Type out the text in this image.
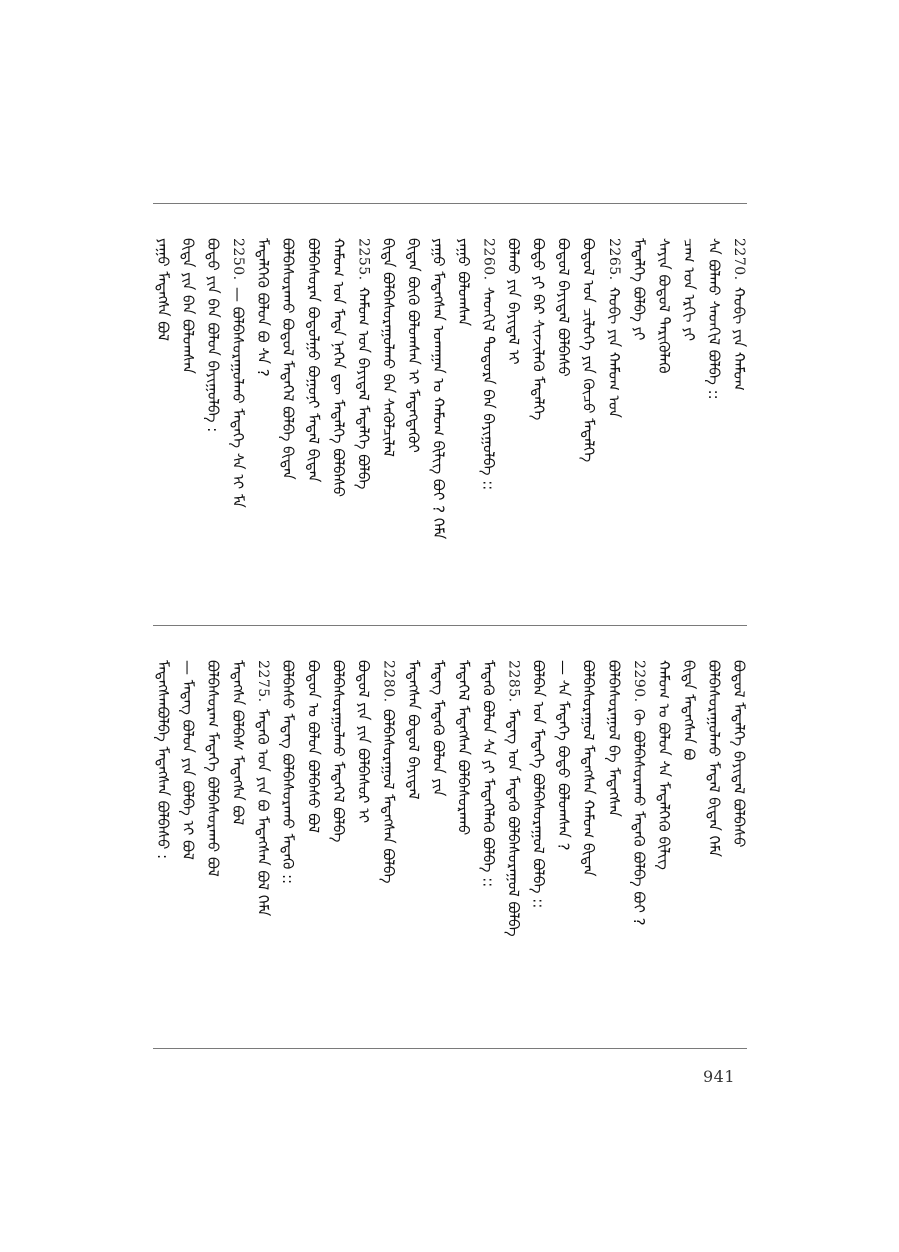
2270.
ᠬᠤᠪᠢ ᠶᠢᠨ ᠬᠠᠮᠤᠭ
ᠰᠠ ᠪᠤᠯᠬᠤ ᠰᠡᠳᠬᠢᠯ ᠪᠤᠯᠪᠠ ::
ᠴᠠᠭ ᠤᠨ ᠡᠷᠭᠢ ᠶᠢ
ᠰᠠᠶᠢᠨ ᠪᠣᠳᠣᠯ ᠲᠡᠷᠢᠭᠦᠯᠡᠬᠦ
ᠮᠡᠳᠡᠯᠭᠡ ᠪᠣᠯᠪᠠ ᠶᠢ
2265.
ᠬᠤᠪᠢ ᠶᠢᠨ ᠬᠠᠮᠤᠭ ᠤᠨ
ᠪᠣᠳᠣᠯ ᠤᠨ ᠴᠢᠯᠦᠭᠡ ᠶᠢᠨ ᠬᠦᠴᠦ ᠮᠡᠳᠡᠯᠭᠡ
ᠪᠣᠳᠣᠯ ᠪᠠᠶᠢᠳᠠᠯ ᠪᠣᠯᠪᠠᠰᠤ
ᠪᠣᠳᠣ ᠶᠢ ᠪᠠᠷ ᠰᠢᠨᠵᠢᠯᠡᠬᠦ ᠮᠡᠳᠡᠯᠭᠡ
ᠪᠣᠯᠬᠤ ᠶᠢᠨ ᠪᠠᠶᠢᠳᠠᠯ ᠢ
2260.
ᠰᠡᠳᠬᠢᠯ ᠳᠣᠲᠣᠷᠠ ᠪᠠᠨ ᠪᠠᠶᠢᠭᠤᠯᠪᠠ ::
ᠶᠠᠭᠤ ᠪᠣᠯᠤᠭᠰᠠᠨ
ᠶᠠᠭᠤ ᠮᠡᠳᠡᠭᠰᠡᠨ ᠤᠬᠠᠭᠠᠨ ᠤ ᠬᠠᠮᠤᠭ ᠪᠢᠯᠢᠭ ᠪᠤᠢ ? ᠬᠡᠮᠡ
ᠪᠢᠳᠡᠨ ᠪᠦᠬᠦ ᠪᠣᠯᠤᠭᠰᠠᠨ ᠢ ᠮᠡᠳᠡᠭᠳᠡᠬᠦᠢ
ᠪᠢᠳᠡ ᠪᠣᠯᠪᠠᠰᠤᠷᠠᠭᠤᠯᠬᠤ ᠪᠠᠨ ᠰᠡᠭᠦᠯᠴᠢᠯᠡᠯ
2255.
ᠬᠠᠮᠤᠭ ᠤᠨ ᠪᠠᠶᠢᠳᠠᠯ ᠮᠡᠳᠡᠯᠭᠡ ᠪᠣᠯᠪᠠ
ᠬᠠᠮᠤᠭ ᠤᠨ ᠮᠡᠳᠡ ᠨᠡᠭᠡᠨ ᠳᠦ ᠮᠡᠳᠡᠯᠭᠡ ᠪᠣᠯᠪᠠᠰᠤ
ᠪᠣᠯᠪᠠᠰᠤᠷᠠᠨ ᠪᠣᠳᠣᠯᠭᠤ ᠪᠣᠭᠣᠨᠢ ᠮᠡᠳᠡᠯ ᠪᠢᠳᠡᠨ
ᠪᠣᠯᠪᠠᠰᠤᠷᠠᠬᠤ ᠪᠣᠳᠣᠯ ᠮᠡᠳᠡᠭᠡᠯ ᠪᠣᠯᠪᠠ ᠪᠢᠳᠡᠨ
ᠮᠡᠳᠡᠯᠭᠡᠬᠦ ᠪᠣᠯᠤᠨ ᠪᠣ ᠰᠠ ?
2250.
— ᠪᠣᠯᠪᠠᠰᠤᠷᠠᠭᠤᠯᠬᠤ ᠮᠡᠳᠡᠭᠡ ᠰᠠ ᠢ ᠮᠡ
ᠪᠣᠳᠣ ᠶᠢᠨ ᠪᠠᠨ ᠪᠣᠯᠤᠨ ᠪᠠᠶᠢᠭᠤᠯᠪᠠ :
ᠪᠢᠳᠡ ᠶᠢᠨ ᠪᠠᠨ ᠪᠣᠯᠤᠭᠰᠠᠨ
ᠶᠠᠭᠤ ᠮᠡᠳᠡᠭᠰᠡ ᠪᠣᠯ
ᠪᠣᠳᠣᠯ ᠮᠡᠳᠡᠯᠭᠡ ᠪᠠᠶᠢᠳᠠᠯ ᠪᠣᠯᠪᠠᠰᠤ
ᠪᠣᠯᠪᠠᠰᠤᠷᠠᠭᠤᠯᠬᠤ ᠮᠡᠳᠡᠯ ᠪᠢᠳᠡᠨ ᠬᠡᠮᠡ
ᠪᠢᠳᠡ ᠮᠡᠳᠡᠭᠰᠡᠨ ᠪᠣ
ᠬᠠᠮᠤᠭ ᠤ ᠪᠣᠯᠤᠨ ᠰᠠ ᠮᠡᠳᠡᠯᠭᠡᠬᠦ ᠪᠢᠯᠢᠭ
2290.
ᠬᠦ ᠪᠣᠯᠪᠠᠰᠤᠷᠠᠬᠤ ᠮᠡᠳᠡᠬᠦ ᠪᠣᠯᠪᠠ ᠪᠤᠢ ?
ᠪᠣᠯᠪᠠᠰᠤᠷᠠᠭᠤᠯ ᠪᠠ ᠮᠡᠳᠡᠭᠰᠡᠨ
ᠪᠣᠯᠪᠠᠰᠤᠷᠠᠭᠤᠯ ᠮᠡᠳᠡᠭᠰᠡᠨ ᠬᠠᠮᠤᠭ ᠪᠢᠳᠡᠨ
— ᠰᠠ ᠮᠡᠳᠡᠭᠡ ᠪᠣᠳᠣ ᠪᠣᠯᠤᠭᠰᠠᠨ ?
ᠪᠣᠯᠪᠠᠨ ᠤᠨ ᠮᠡᠳᠡᠭᠡ ᠪᠣᠯᠪᠠᠰᠤᠷᠠᠭᠤᠯ ᠪᠣᠯᠪᠠ ::
2285.
ᠮᠡᠳᠡᠭ ᠤᠨ ᠮᠡᠳᠡᠬᠦ ᠪᠣᠯᠪᠠᠰᠤᠷᠠᠭᠤᠯ ᠪᠣᠯᠪᠠ
ᠮᠡᠳᠡᠬᠦ ᠪᠣᠯᠤᠨ ᠰᠠ ᠶᠢ ᠮᠡᠳᠡᠭᠡᠯᠡᠬᠦ ᠪᠣᠯᠪᠠ ::
ᠮᠡᠳᠡᠭᠡᠯ ᠮᠡᠳᠡᠭᠰᠡᠨ ᠪᠣᠯᠪᠠᠰᠤᠷᠠᠬᠤ
ᠮᠡᠳᠡᠭ ᠮᠡᠳᠡᠬᠦ ᠪᠣᠯᠤᠨ ᠶᠢᠨ
ᠮᠡᠳᠡᠭᠰᠡᠨ ᠪᠣᠳᠣᠯ ᠪᠠᠶᠢᠳᠠᠯ
2280.
ᠪᠣᠯᠪᠠᠰᠤᠷᠠᠭᠤᠯ ᠮᠡᠳᠡᠭᠰᠡᠨ ᠪᠣᠯᠪᠠ
ᠪᠣᠳᠣᠯ ᠶᠢᠨ ᠶᠢᠨ ᠪᠣᠯᠪᠠᠰᠤᠷ ᠢ
ᠪᠣᠯᠪᠠᠰᠤᠷᠠᠭᠤᠯᠬᠤ ᠮᠡᠳᠡᠭᠡᠯ ᠪᠣᠯᠪᠠ
ᠪᠣᠳᠣᠨ ᠤ ᠪᠣᠯᠤᠨ ᠪᠣᠯᠪᠠᠰᠤ ᠪᠣᠯ
ᠪᠣᠯᠪᠠᠰᠤ ᠮᠡᠳᠡᠭ ᠪᠣᠯᠪᠠᠰᠤᠷᠠᠬᠤ ᠮᠡᠳᠡᠬᠦ ::
2275.
ᠮᠡᠳᠡᠬᠦ ᠤᠨ ᠶᠢᠨ ᠪᠣ ᠮᠡᠳᠡᠭᠰᠡᠨ ᠪᠣᠯ ᠬᠡᠮᠡ
ᠮᠡᠳᠡᠭᠰᠡ ᠪᠣᠯᠪᠠᠰ ᠮᠡᠳᠡᠭᠰᠡ ᠪᠣᠯ
ᠪᠣᠯᠪᠠᠰᠤᠷᠠᠭ ᠮᠡᠳᠡᠭᠡ ᠪᠣᠯᠪᠠᠰᠤᠷᠠᠬᠤ ᠪᠣᠯ
— ᠮᠡᠳᠡᠭ ᠪᠣᠯᠤᠨ ᠶᠢᠨ ᠪᠣᠯᠪᠠ ᠢ ᠪᠣᠯ
ᠮᠡᠳᠡᠭᠰᠡᠨᠪᠣᠯᠪᠠ ᠮᠡᠳᠡᠭᠰᠡᠨ ᠪᠣᠯᠪᠠᠰᠤ :
941
